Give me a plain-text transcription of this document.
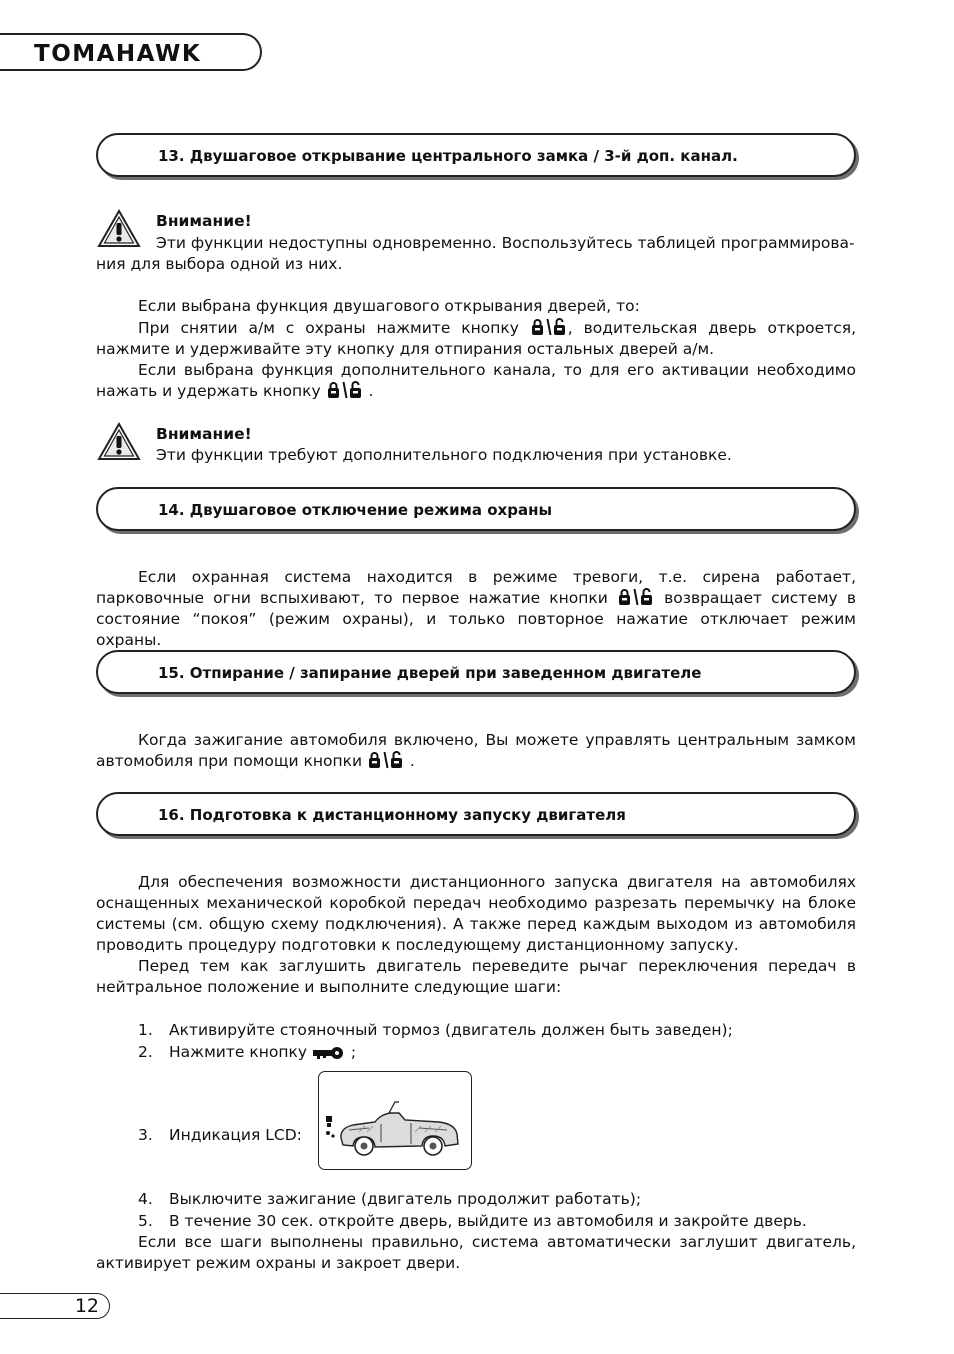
TOMAHAWK
13. Двушаговое открывание центрального замка / 3-й доп. канал.

Внимание!

Эти функции недоступны одновременно. Воспользуйтесь таблицей программирова-
ния для выбора одной из них.

Если выбрана функция двушагового открывания дверей, то:

При снятии а/м с охраны нажмите кнопку	, водительская дверь откроется, нажмите и удерживайте эту кнопку для отпирания остальных дверей а/м.

Если выбрана функция дополнительного канала, то для его активации необходимо нажать и удержать кнопку	.

Внимание!

Эти функции требуют дополнительного подключения при установке.

14. Двушаговое отключение режима охраны

Если охранная система находится в режиме тревоги, т.е. сирена работает, парковочные огни вспыхивают, то первое нажатие кнопки	возвращает систему в состояние “покоя” (режим охраны), и только повторное нажатие отключает режим охраны.

15. Отпирание / запирание дверей при заведенном двигателе

Когда зажигание автомобиля включено, Вы можете управлять центральным замком автомобиля при помощи кнопки	.

16. Подготовка к дистанционному запуску двигателя

Для обеспечения возможности дистанционного запуска двигателя на автомобилях оснащенных механической коробкой передач необходимо разрезать перемычку на блоке системы (см. общую схему подключения). А также перед каждым выходом из автомобиля проводить процедуру подготовки к последующему дистанционному запуску.

Перед тем как заглушить двигатель переведите рычаг переключения передач в нейтральное положение и выполните следующие шаги:

1. Активируйте стояночный тормоз (двигатель должен быть заведен);
2. Нажмите кнопку	;
3. Индикация LCD:
4. Выключите зажигание (двигатель продолжит работать);
5. В течение 30 сек. откройте дверь, выйдите из автомобиля и закройте дверь.

Если все шаги выполнены правильно, система автоматически заглушит двигатель, активирует режим охраны и закроет двери.

12
